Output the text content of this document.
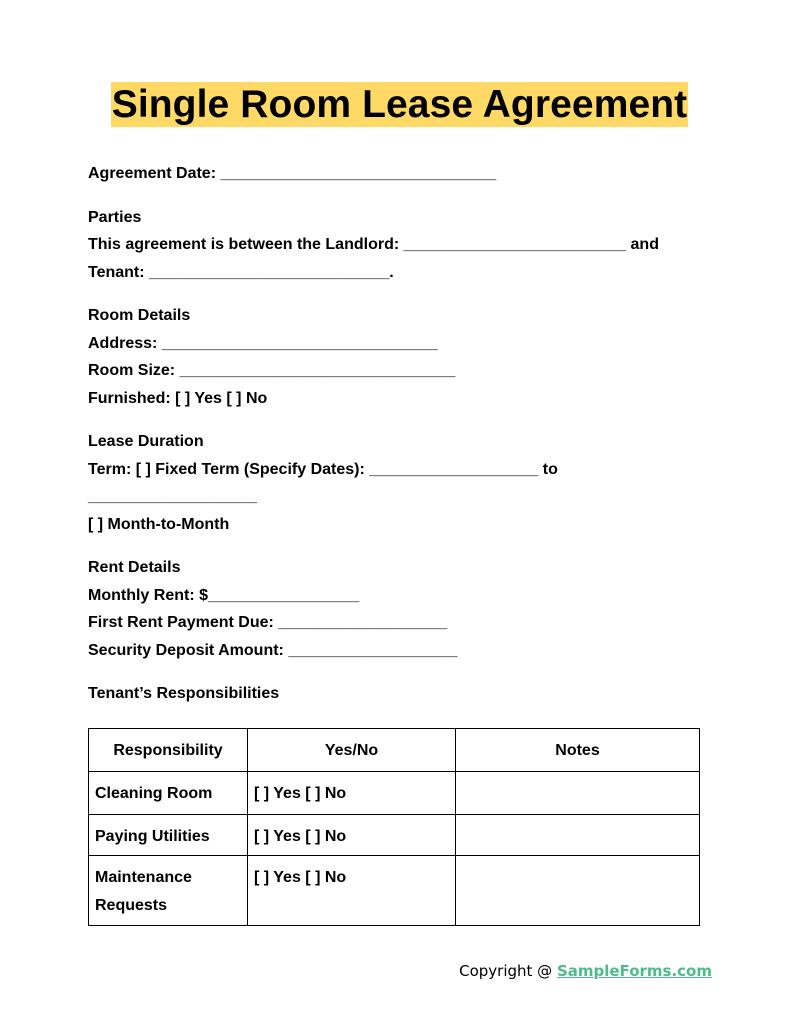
Single Room Lease Agreement
Agreement Date: _______________________________
Parties
This agreement is between the Landlord: _________________________ and
Tenant: ___________________________.
Room Details
Address: _______________________________
Room Size: _______________________________
Furnished: [ ] Yes [ ] No
Lease Duration
Term: [ ] Fixed Term (Specify Dates): ___________________ to
___________________
[ ] Month-to-Month
Rent Details
Monthly Rent: $_________________
First Rent Payment Due: ___________________
Security Deposit Amount: ___________________
Tenant’s Responsibilities
Responsibility	Yes/No	Notes
Cleaning Room	[ ] Yes [ ] No	
Paying Utilities	[ ] Yes [ ] No	
Maintenance Requests	[ ] Yes [ ] No	
Copyright @ SampleForms.com
